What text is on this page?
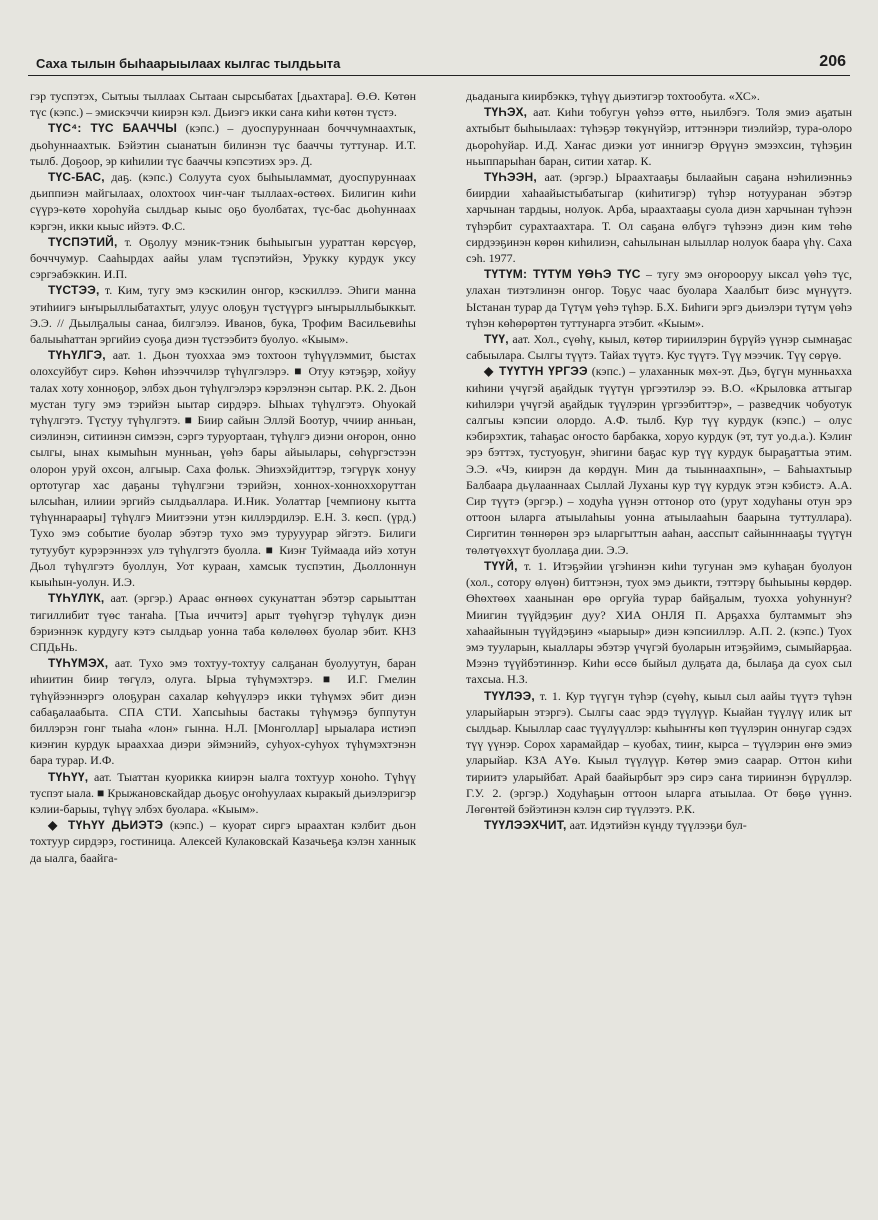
Саха тылын быһаарыылаах кылгас тылдьыта	206

гэр туспэтэх, Сытыы тыллаах Сытаан сырсыбатах [дьахтара]. Ө.Ө. Көтөн түс (кэпс.) – эмискэччи киирэн кэл. Дьиэгэ икки саҥа киһи көтөн түстэ.

ТҮС⁴: ТҮС БААЧЧЫ (кэпс.) – дуоспуруннаан бочччумнаахтык, дьоһуннаахтык. Бэйэтин сыанатын билинэн түс бааччы туттунар. И.Т. тылб. Доҕоор, эр киһилии түс бааччы кэпсэтиэх эрэ. Д.

ТҮС-БАС, даҕ. (кэпс.) Солуута суох быһыыламмат, дуоспуруннаах дьиппиэн майгылаах, олохтоох чиҥ-чаҥ тыллаах-өстөөх. Билигин киһи сүүрэ-көтө хороһуйа сылдьар кыыс оҕо буолбатах, түс-бас дьоһуннаах кэргэн, икки кыыс ийэтэ. Ф.С.

ТҮСПЭТИЙ, т. Оҕолуу мэник-тэник быһыыгын уураттан көрсүөр, бочччумур. Сааһырдах аайы улам түспэтийэн, Урукку курдук уксу сэргэабэккин. И.П.

ТҮСТЭЭ, т. Ким, тугу эмэ кэскилин онгор, кэскиллээ. Эһиги манна этиһиигэ ыҥырыллыбатахтыт, улуус олоҕун түстүүргэ ыҥырыллыбыккыт. Э.Э. // Дьылҕалыы санаа, билгэлээ. Иванов, бука, Трофим Васильевиһы балыыһаттан эргийиэ суоҕа диэн түстээбитэ буолуо. «Кыым».

ТҮҺҮЛГЭ, аат. 1. Дьон туоххаа эмэ тохтоон түһүүлэммит, быстах олохсуйбут сирэ. Көһөн иһээччилэр түһүлгэлэрэ. ■ Отуу кэтэҕэр, хойуу талах хоту хонноҕор, элбэх дьон түһүлгэлэрэ кэрэлэнэн сытар. Р.К. 2. Дьон мустан тугу эмэ тэрийэн ыытар сирдэрэ. Ыһыах түһүлгэтэ. Оһуокай түһүлгэтэ. Түстуу түһүлгэтэ. ■ Биир сайын Эллэй Боотур, ччиир анньан, сиэлинэн, ситиинэн симээн, сэргэ туруортаан, түһүлгэ диэни оҥорон, онно сылгы, ынах кымыһын мунньан, үөһэ бары айыылары, сөһүргэстээн олорон уруй охсон, алгыыр. Саха фольк. Эһиэхэйдиттэр, тэгүрүк хонуу ортотугар хас даҕаны түһүлгэни тэрийэн, хоннох-хонноххоруттан ылсыһан, илиии эргийэ сылдьаллара. И.Ник. Уолаттар [чемпиону кытта түһүннараары] түһүлгэ Миитээни утэн киллэрдилэр. Е.Н. 3. көсп. (үрд.) Тухо эмэ событие буолар эбэтэр тухо эмэ турууурар эйгэтэ. Билиги тутуубут курэрэннээх улэ түһүлгэтэ буолла. ■ Киэҥ Туймаада ийэ хотун Дьол түһүлгэтэ буоллун, Уот кураан, хамсык туспэтин, Дьоллоннун кыыһын-уолун. И.Э.

ТҮҺҮЛҮК, аат. (эргэр.) Араас өҥнөөх сукунаттан эбэтэр сарыыттан тигиллибит түөс таҥаһа. [Тыа иччитэ] арыт түөһүгэр түһүлүк диэн бэриэннэк курдугу кэтэ сылдьар уонна таба көлөлөөх буолар эбит. КНЗ СПДьНь.

ТҮҺҮМЭХ, аат. Тухо эмэ тохтуу-тохтуу салҕанан буолуутун, баран иһиитин биир төгүлэ, олуга. Ырыа түһүмэхтэрэ. ■ И.Г. Гмелин түһүйээннэргэ олоҕуран сахалар көһүүлэрэ икки түһүмэх эбит диэн сабаҕалаабыта. СПА СТИ. Хапсыһыы бастакы түһүмэҕэ буппутун биллэрэн гонг тыаһа «лон» гынна. Н.Л. [Монголлар] ырыалара истиэп киэҥин курдук ырааххаа диэри эймэнийэ, суһуох-суһуох түһүмэхтэнэн бара турар. И.Ф.

ТҮҺҮҮ, аат. Тыаттан куорикка киирэн ыалга тохтуур хоноһо. Түһүү туспэт ыала. ■ Крыжановскайдар дьоҕус оҥоһуулаах кыракый дьиэлэригэр кэлии-барыы, түһүү элбэх буолара. «Кыым».

◆ ТҮҺҮҮ ДЬИЭТЭ (кэпс.) – куорат сиргэ ыраахтан кэлбит дьон тохтуур сирдэрэ, гостиница. Алексей Кулаковскай Казачьеҕа кэлэн ханнык да ыалга, баайга-

дьаданыга киирбэккэ, түһүү дьиэтигэр тохтообута. «ХС».

ТҮҺЭХ, аат. Киһи тобугун үөһээ өттө, ньилбэгэ. Толя эмиэ аҕатын ахтыбыт быһыылаах: түһэҕэр төкүнүйэр, иттэннэри тиэлийэр, тура-олоро дьороһуйар. И.Д. Хаҥас диэки уот иннигэр Өрүүнэ эмээхсин, түһэҕин ньыппарыһан баран, ситии хатар. К.

ТҮҺЭЭН, аат. (эргэр.) Ыраахтааҕы былаайын саҕана нэһилиэнньэ биирдии хаһаайыстыбатыгар (киһитигэр) түһэр нотууранан эбэтэр харчынан тардыы, нолуок. Арба, ыраахтааҕы суола диэн харчынан түһээн түһэрбит сурахтаахтара. Т. Ол саҕана өлбүгэ түһээнэ диэн ким төһө сирдээҕинэн көрөн киһилиэн, саһылынан ылыллар нолуок баара үһү. Саха сэһ. 1977.

ТҮТҮМ: ТҮТҮМ ҮӨҺЭ ТҮС – тугу эмэ оҥорооруу ыксал үөһэ түс, улахан тиэтэлинэн онгор. Тоҕус чаас буолара Хаалбыт биэс мүнүүтэ. Ыстанан турар да Түтүм үөһэ түһэр. Б.Х. Биһиги эргэ дьиэлэри түтүм үөһэ түһэн көһөрөртөн туттунарга этэбит. «Кыым».

ТҮҮ, аат. Хол., сүөһү, кыыл, көтөр тириилэрин бүрүйэ үүнэр сымнаҕас сабыылара. Сылгы түүтэ. Тайах түүтэ. Кус түүтэ. Түү мээчик. Түү сөрүө.

◆ ТҮҮТҮН ҮРГЭЭ (кэпс.) – улаханнык мөх-эт. Дьэ, бүгүн мунньахха киһини үчүгэй аҕайдык түүтүн үргээтилэр ээ. В.О. «Крыловка аттыгар киһилэри үчүгэй аҕайдык түүлэрин үргээбиттэр», – разведчик чобуотук салгыы кэпсии олордо. А.Ф. тылб. Кур түү курдук (кэпс.) – олус кэбирэхтик, таһаҕас оҥосто барбакка, хоруо курдук (эт, тут уо.д.а.). Кэлиҥ эрэ бэттэх, тустуоҕуҥ, эһигини баҕас кур түү курдук быраҕаттыа этим. Э.Э. «Чэ, киирэн да көрдүн. Мин да тыыннаахпын», – Баһыахтыыр Балбаара дьүлааннаах Сыллай Луханы кур түү курдук этэн кэбистэ. А.А. Сир түүтэ (эргэр.) – ходуһа үүнэн оттонор ото (урут ходуһаны отун эрэ оттоон ыларга атыылаһыы уонна атыылааһын баарына туттуллара). Сиргитин төннөрөн эрэ ыларгыттын ааһан, аасспыт сайынннааҕы түүтүн төлөтүөххүт буоллаҕа дии. Э.Э.

ТҮҮЙ, т. 1. Итэҕэйии үгэһинэн киһи тугунан эмэ куһаҕан буолуон (хол., сотору өлүөн) биттэнэн, туох эмэ дьикти, тэттэрү быһыыны көрдөр. Өһөхтөөх хаанынан өрө оргуйа турар байҕалым, туоххa уоһуннуҥ? Миигин түүйдэҕиҥ дуу? ХИА ОНЛЯ П. Арҕахха бултаммыт эһэ хаһаайынын түүйдэҕинэ «ыарыыр» диэн кэпсииллэр. А.П. 2. (кэпс.) Туох эмэ тууларын, кыаллары эбэтэр үчүгэй буоларын итэҕэйимэ, сымыйарҕаа. Мээнэ түүйбэтиннэр. Киһи өссө быйыл дулҕата да, былаҕа да суох сыл тахсыа. Н.З.

ТҮҮЛЭЭ, т. 1. Кур түүгүн түһэр (сүөһү, кыыл сыл аайы түүтэ түһэн уларыйарын этэргэ). Сылгы саас эрдэ түүлүүр. Кыайан түүлүү илик ыт сылдьар. Кыыллар саас түүлүүллэр: кыһыҥҥы көп түүлэрин оннугар сэдэх түү үүнэр. Сорох харамайдар – куобах, тииҥ, кырса – түүлэрин өҥө эмиэ уларыйар. КЗА АҮө. Кыыл түүлүүр. Көтөр эмиэ саарар. Оттон киһи тириитэ уларыйбат. Арай баайырбыт эрэ сирэ саҥа тириинэн бүрүллэр. Г.У. 2. (эргэр.) Ходуһаҕын оттоон ыларга атыылаа. От бөҕө үүннэ. Лөгөнтөй бэйэтинэн кэлэн сир түүлээтэ. Р.К.

ТҮҮЛЭЭХЧИТ, аат. Идэтийэн күнду түүлээҕи бул-
